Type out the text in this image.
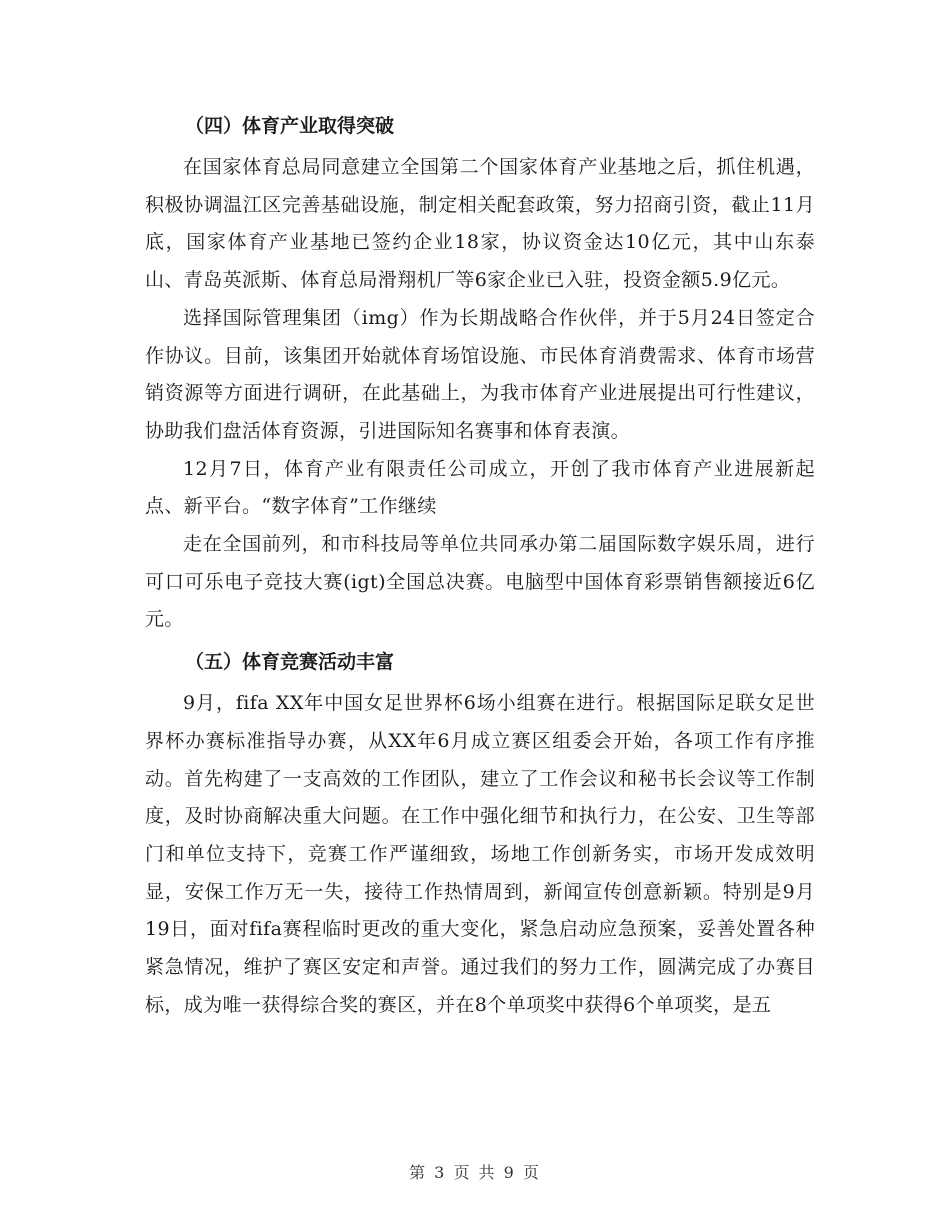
（四）体育产业取得突破

在国家体育总局同意建立全国第二个国家体育产业基地之后，抓住机遇，积极协调温江区完善基础设施，制定相关配套政策，努力招商引资，截止11月底，国家体育产业基地已签约企业18家，协议资金达10亿元，其中山东泰山、青岛英派斯、体育总局滑翔机厂等6家企业已入驻，投资金额5.9亿元。

选择国际管理集团（img）作为长期战略合作伙伴，并于5月24日签定合作协议。目前，该集团开始就体育场馆设施、市民体育消费需求、体育市场营销资源等方面进行调研，在此基础上，为我市体育产业进展提出可行性建议，协助我们盘活体育资源，引进国际知名赛事和体育表演。

12月7日，体育产业有限责任公司成立，开创了我市体育产业进展新起点、新平台。“数字体育”工作继续

走在全国前列，和市科技局等单位共同承办第二届国际数字娱乐周，进行可口可乐电子竞技大赛(igt)全国总决赛。电脑型中国体育彩票销售额接近6亿元。

（五）体育竞赛活动丰富

9月，fifa XX年中国女足世界杯6场小组赛在进行。根据国际足联女足世界杯办赛标准指导办赛，从XX年6月成立赛区组委会开始，各项工作有序推动。首先构建了一支高效的工作团队，建立了工作会议和秘书长会议等工作制度，及时协商解决重大问题。在工作中强化细节和执行力，在公安、卫生等部门和单位支持下，竞赛工作严谨细致，场地工作创新务实，市场开发成效明显，安保工作万无一失，接待工作热情周到，新闻宣传创意新颖。特别是9月19日，面对fifa赛程临时更改的重大变化，紧急启动应急预案，妥善处置各种紧急情况，维护了赛区安定和声誉。通过我们的努力工作，圆满完成了办赛目标，成为唯一获得综合奖的赛区，并在8个单项奖中获得6个单项奖，是五

第 3 页 共 9 页
